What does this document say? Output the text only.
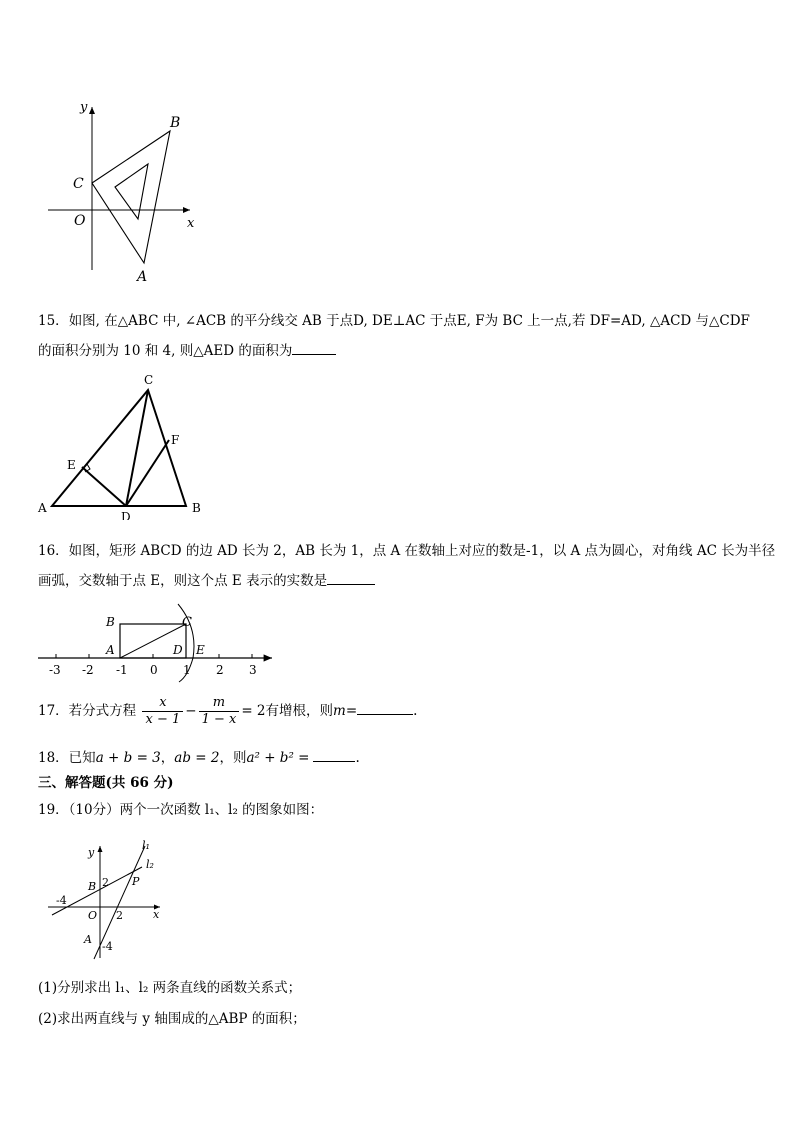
y
x
O
C
B
A
15．如图, 在△ABC 中, ∠ACB 的平分线交 AB 于点D, DE⊥AC 于点E, F为 BC 上一点,若 DF=AD, △ACD 与△CDF
的面积分别为 10 和 4, 则△AED 的面积为
A	B
C
D
E
F
16．如图，矩形 ABCD 的边 AD 长为 2，AB 长为 1，点 A 在数轴上对应的数是-1，以 A 点为圆心，对角线 AC 长为半径
画弧，交数轴于点 E，则这个点 E 表示的实数是
-3 -2 -1 0 1 2 3
B	C
A	D E
17．若分式方程 $\frac{x}{x - 1} - \frac{m}{1 - x} = 2$有增根，则m=	.
18．已知a + b = 3，ab = 2，则a² + b² =	.
三、解答题(共 66 分)
19．（10分）两个一次函数 l₁、l₂ 的图象如图：
y
x
l₁
l₂
P
B 2
-4
O 2
A
-4
(1)分别求出 l₁、l₂ 两条直线的函数关系式；
(2)求出两直线与 y 轴围成的△ABP 的面积；
